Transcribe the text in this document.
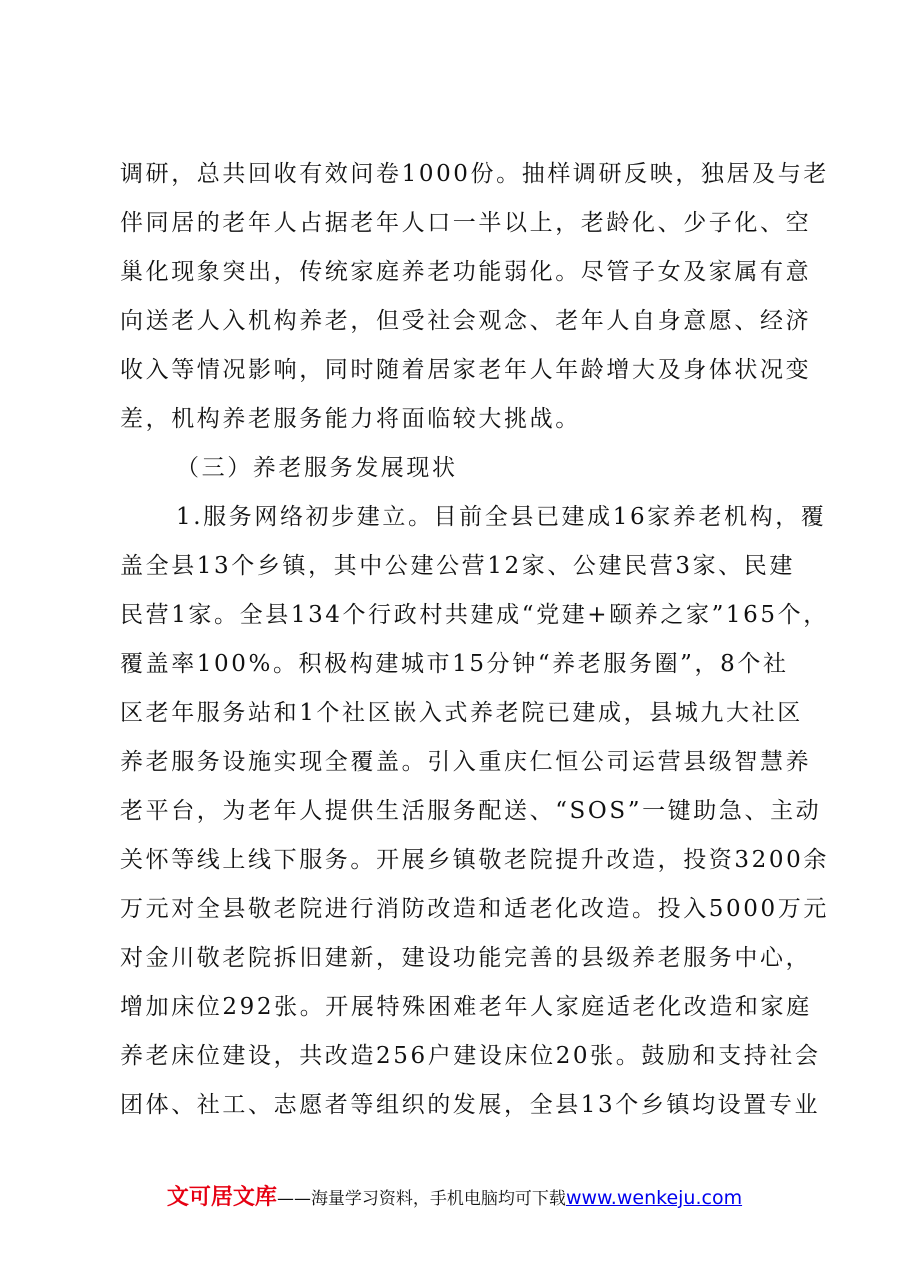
调研，总共回收有效问卷1000份。抽样调研反映，独居及与老
伴同居的老年人占据老年人口一半以上，老龄化、少子化、空
巢化现象突出，传统家庭养老功能弱化。尽管子女及家属有意
向送老人入机构养老，但受社会观念、老年人自身意愿、经济
收入等情况影响，同时随着居家老年人年龄增大及身体状况变
差，机构养老服务能力将面临较大挑战。
（三）养老服务发展现状
1.服务网络初步建立。目前全县已建成16家养老机构，覆
盖全县13个乡镇，其中公建公营12家、公建民营3家、民建
民营1家。全县134个行政村共建成“党建+颐养之家”165个，
覆盖率100%。积极构建城市15分钟“养老服务圈”，8个社
区老年服务站和1个社区嵌入式养老院已建成，县城九大社区
养老服务设施实现全覆盖。引入重庆仁恒公司运营县级智慧养
老平台，为老年人提供生活服务配送、“SOS”一键助急、主动
关怀等线上线下服务。开展乡镇敬老院提升改造，投资3200余
万元对全县敬老院进行消防改造和适老化改造。投入5000万元
对金川敬老院拆旧建新，建设功能完善的县级养老服务中心，
增加床位292张。开展特殊困难老年人家庭适老化改造和家庭
养老床位建设，共改造256户建设床位20张。鼓励和支持社会
团体、社工、志愿者等组织的发展，全县13个乡镇均设置专业
文可居文库——海量学习资料，手机电脑均可下载www.wenkeju.com
